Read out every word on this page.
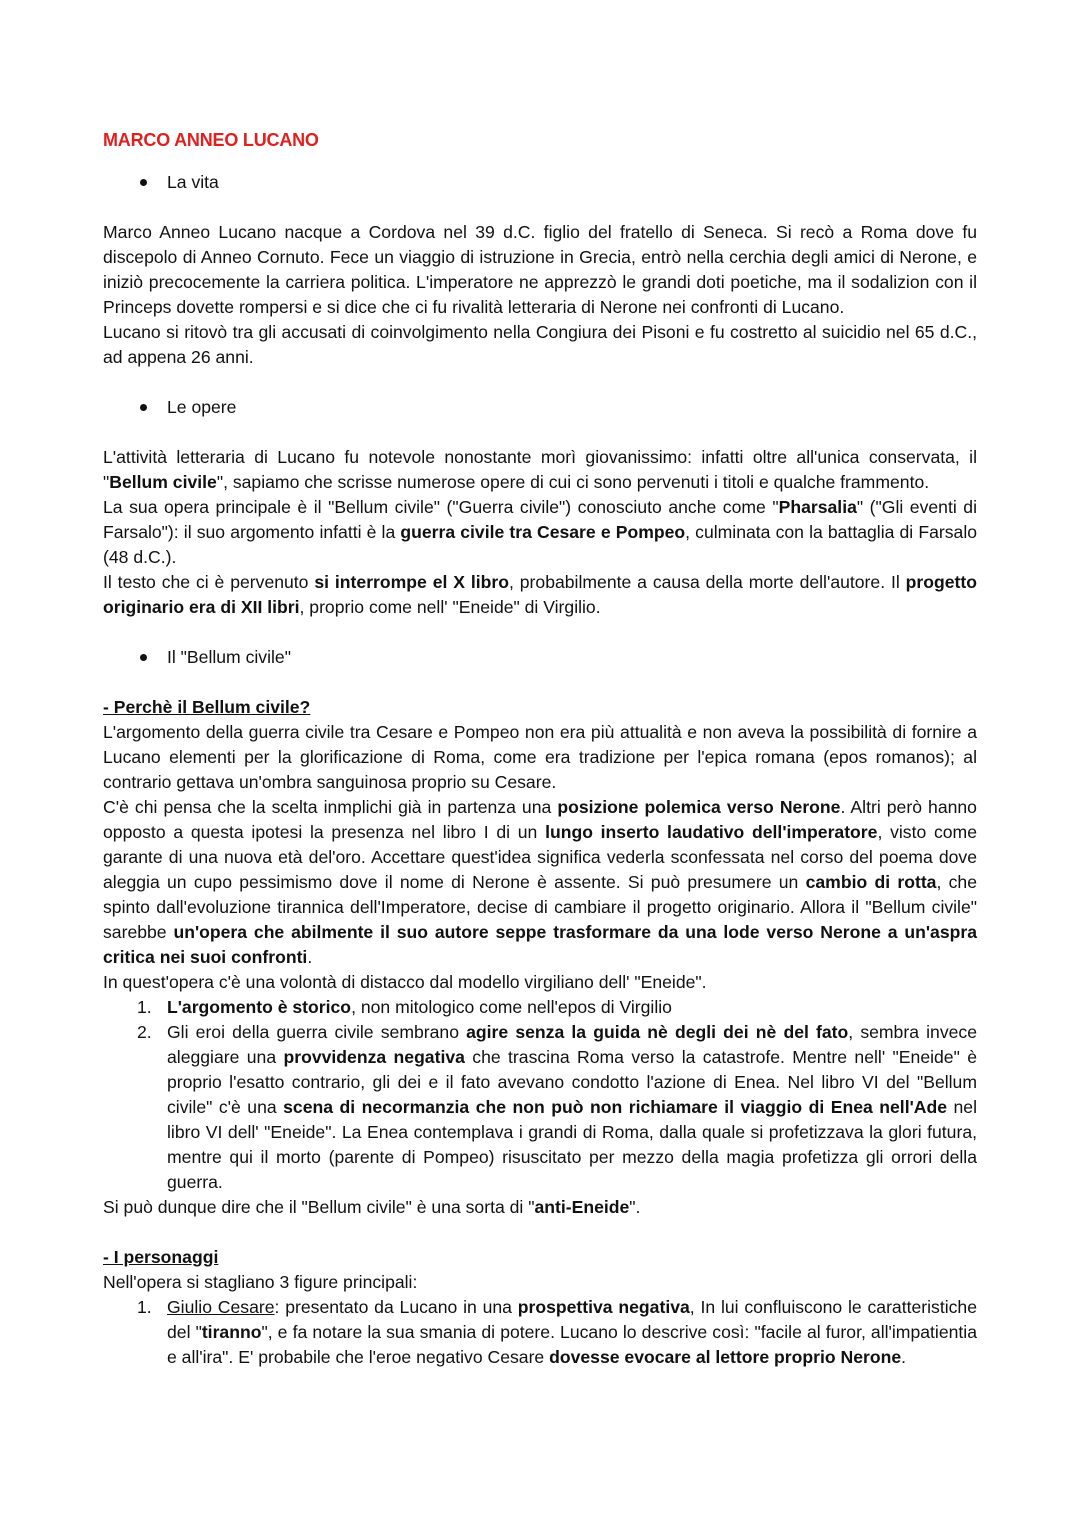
MARCO ANNEO LUCANO

La vita

Marco Anneo Lucano nacque a Cordova nel 39 d.C. figlio del fratello di Seneca. Si recò a Roma dove fu discepolo di Anneo Cornuto. Fece un viaggio di istruzione in Grecia, entrò nella cerchia degli amici di Nerone, e iniziò precocemente la carriera politica. L'imperatore ne apprezzò le grandi doti poetiche, ma il sodalizion con il Princeps dovette rompersi e si dice che ci fu rivalità letteraria di Nerone nei confronti di Lucano.

Lucano si ritovò tra gli accusati di coinvolgimento nella Congiura dei Pisoni e fu costretto al suicidio nel 65 d.C., ad appena 26 anni.

Le opere

L'attività letteraria di Lucano fu notevole nonostante morì giovanissimo: infatti oltre all'unica conservata, il "Bellum civile", sapiamo che scrisse numerose opere di cui ci sono pervenuti i titoli e qualche frammento.

La sua opera principale è il "Bellum civile" ("Guerra civile") conosciuto anche come "Pharsalia" ("Gli eventi di Farsalo"): il suo argomento infatti è la guerra civile tra Cesare e Pompeo, culminata con la battaglia di Farsalo (48 d.C.).

Il testo che ci è pervenuto si interrompe el X libro, probabilmente a causa della morte dell'autore. Il progetto originario era di XII libri, proprio come nell' "Eneide" di Virgilio.

Il "Bellum civile"

- Perchè il Bellum civile?

L'argomento della guerra civile tra Cesare e Pompeo non era più attualità e non aveva la possibilità di fornire a Lucano elementi per la glorificazione di Roma, come era tradizione per l'epica romana (epos romanos); al contrario gettava un'ombra sanguinosa proprio su Cesare.

C'è chi pensa che la scelta inmplichi già in partenza una posizione polemica verso Nerone. Altri però hanno opposto a questa ipotesi la presenza nel libro I di un lungo inserto laudativo dell'imperatore, visto come garante di una nuova età del'oro. Accettare quest'idea significa vederla sconfessata nel corso del poema dove aleggia un cupo pessimismo dove il nome di Nerone è assente. Si può presumere un cambio di rotta, che spinto dall'evoluzione tirannica dell'Imperatore, decise di cambiare il progetto originario. Allora il "Bellum civile" sarebbe un'opera che abilmente il suo autore seppe trasformare da una lode verso Nerone a un'aspra critica nei suoi confronti.

In quest'opera c'è una volontà di distacco dal modello virgiliano dell' "Eneide".

1. L'argomento è storico, non mitologico come nell'epos di Virgilio
2. Gli eroi della guerra civile sembrano agire senza la guida nè degli dei nè del fato, sembra invece aleggiare una provvidenza negativa che trascina Roma verso la catastrofe. Mentre nell' "Eneide" è proprio l'esatto contrario, gli dei e il fato avevano condotto l'azione di Enea. Nel libro VI del "Bellum civile" c'è una scena di necormanzia che non può non richiamare il viaggio di Enea nell'Ade nel libro VI dell' "Eneide". La Enea contemplava i grandi di Roma, dalla quale si profetizzava la glori futura, mentre qui il morto (parente di Pompeo) risuscitato per mezzo della magia profetizza gli orrori della guerra.

Si può dunque dire che il "Bellum civile" è una sorta di "anti-Eneide".

- I personaggi

Nell'opera si stagliano 3 figure principali:

1. Giulio Cesare: presentato da Lucano in una prospettiva negativa, In lui confluiscono le caratteristiche del "tiranno", e fa notare la sua smania di potere. Lucano lo descrive così: "facile al furor, all'impatientia e all'ira". E' probabile che l'eroe negativo Cesare dovesse evocare al lettore proprio Nerone.
